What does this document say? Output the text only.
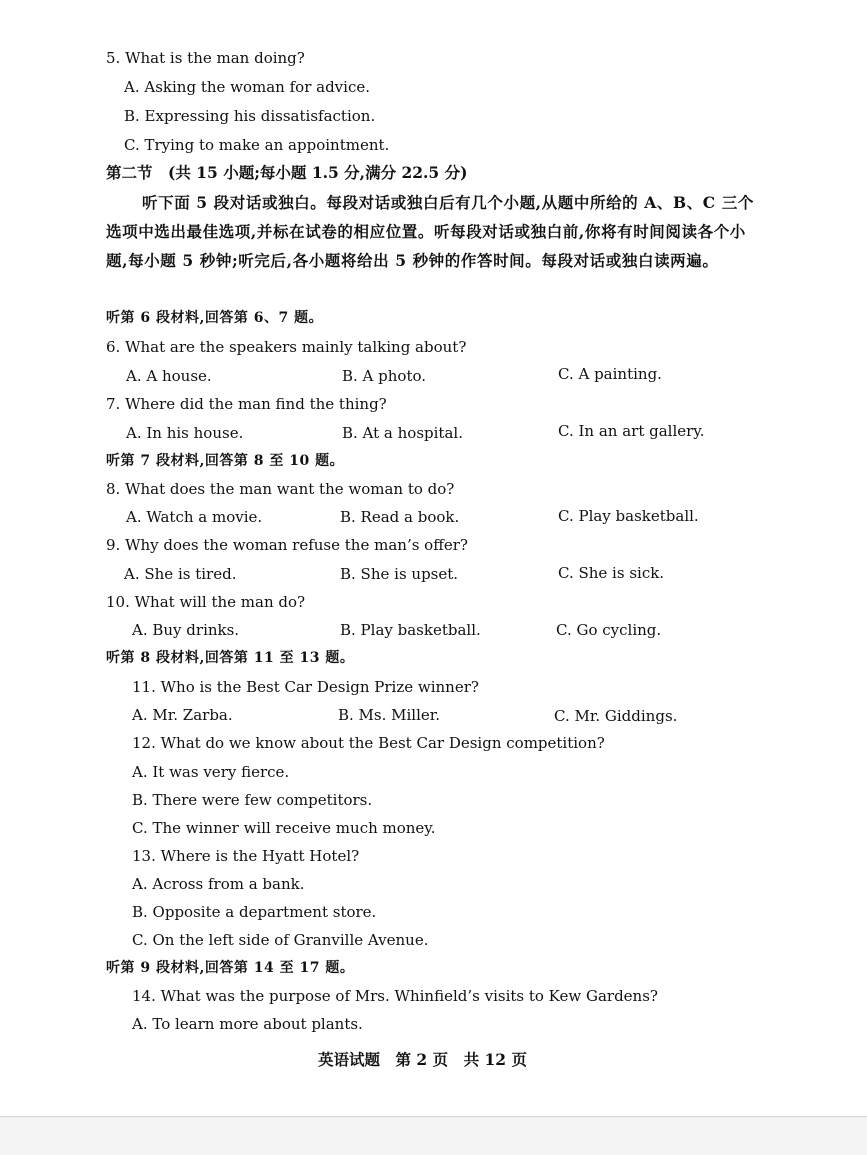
5. What is the man doing?
A. Asking the woman for advice.
B. Expressing his dissatisfaction.
C. Trying to make an appointment.
第二节　(共 15 小题;每小题 1.5 分,满分 22.5 分)
听下面 5 段对话或独白。每段对话或独白后有几个小题,从题中所给的 A、B、C 三个选项中选出最佳选项,并标在试卷的相应位置。听每段对话或独白前,你将有时间阅读各个小题,每小题 5 秒钟;听完后,各小题将给出 5 秒钟的作答时间。每段对话或独白读两遍。
听第 6 段材料,回答第 6、7 题。
6. What are the speakers mainly talking about?
A. A house.	B. A photo.	C. A painting.
7. Where did the man find the thing?
A. In his house.	B. At a hospital.	C. In an art gallery.
听第 7 段材料,回答第 8 至 10 题。
8. What does the man want the woman to do?
A. Watch a movie.	B. Read a book.	C. Play basketball.
9. Why does the woman refuse the man’s offer?
A. She is tired.	B. She is upset.	C. She is sick.
10. What will the man do?
A. Buy drinks.	B. Play basketball.	C. Go cycling.
听第 8 段材料,回答第 11 至 13 题。
11. Who is the Best Car Design Prize winner?
A. Mr. Zarba.	B. Ms. Miller.	C. Mr. Giddings.
12. What do we know about the Best Car Design competition?
A. It was very fierce.
B. There were few competitors.
C. The winner will receive much money.
13. Where is the Hyatt Hotel?
A. Across from a bank.
B. Opposite a department store.
C. On the left side of Granville Avenue.
听第 9 段材料,回答第 14 至 17 题。
14. What was the purpose of Mrs. Whinfield’s visits to Kew Gardens?
A. To learn more about plants.
英语试题　第 2 页　共 12 页
